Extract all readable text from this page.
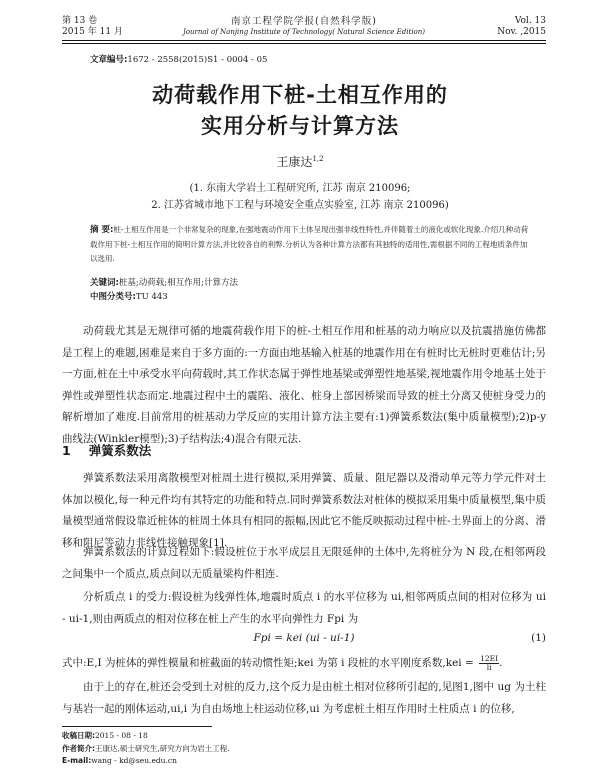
第 13 卷
2015 年 11 月
南京工程学院学报(自然科学版)
Journal of Nanjing Institute of Technology( Natural Science Edition)
Vol. 13
Nov. ,2015
文章编号:1672 - 2558(2015)S1 - 0004 - 05
动荷载作用下桩-土相互作用的
实用分析与计算方法
王康达$^{1,2}$
(1. 东南大学岩土工程研究所, 江苏 南京 210096;
2. 江苏省城市地下工程与环境安全重点实验室, 江苏 南京 210096)
摘 要:桩-土相互作用是一个非常复杂的现象,在强地震动作用下土体呈现出强非线性特性,并伴随着土的液化或软化现象.介绍几种动荷载作用下桩-土相互作用的简明计算方法,并比较各自的利弊.分析认为各种计算方法都有其独特的适用性,需根据不同的工程地质条件加以选用.
关键词:桩基;动荷载;相互作用;计算方法
中图分类号:TU 443
动荷载尤其是无规律可循的地震荷载作用下的桩-土相互作用和桩基的动力响应以及抗震措施仿佛都是工程上的难题,困难是来自于多方面的:一方面由地基输入桩基的地震作用在有桩时比无桩时更难估计;另一方面,桩在土中承受水平向荷载时,其工作状态属于弹性地基梁或弹塑性地基梁,视地震作用令地基土处于弹性或弹塑性状态而定.地震过程中土的震陷、液化、桩身上部因桥梁而导致的桩土分离又使桩身受力的解析增加了难度.目前常用的桩基动力学反应的实用计算方法主要有:1)弹簧系数法(集中质量模型);2)p-y曲线法(Winkler模型);3)子结构法;4)混合有限元法.
1 弹簧系数法
弹簧系数法采用离散模型对桩周土进行模拟,采用弹簧、质量、阻尼器以及滑动单元等力学元件对土体加以模化,每一种元件均有其特定的功能和特点.同时弹簧系数法对桩体的模拟采用集中质量模型,集中质量模型通常假设靠近桩体的桩周土体具有相同的振幅,因此它不能反映振动过程中桩-土界面上的分离、滑移和阻尼等动力非线性接触现象[1].
弹簧系数法的计算过程如下:假设桩位于水平成层且无限延伸的土体中,先将桩分为 N 段,在相邻两段之间集中一个质点,质点间以无质量梁构件相连.
分析质点 i 的受力:假设桩为线弹性体,地震时质点 i 的水平位移为 ui,相邻两质点间的相对位移为 ui - ui-1,则由两质点的相对位移在桩上产生的水平向弹性力 Fpi 为
Fpi = kei (ui - ui-1)	(1)
式中:E,I 为桩体的弹性模量和桩截面的转动惯性矩;kei 为第 i 段桩的水平刚度系数$,kei = \frac{12EI}{li}$ .
由于上的存在,桩还会受到土对桩的反力,这个反力是由桩土相对位移所引起的,见图1,图中 ug 为土柱与基岩一起的刚体运动,ui,i 为自由场地上柱运动位移,ui 为考虑桩土相互作用时土柱质点 i 的位移,
收稿日期:2015 - 08 - 18
作者简介:王康达,硕士研究生,研究方向为岩土工程.
E-mail:wang - kd@seu.edu.cn
